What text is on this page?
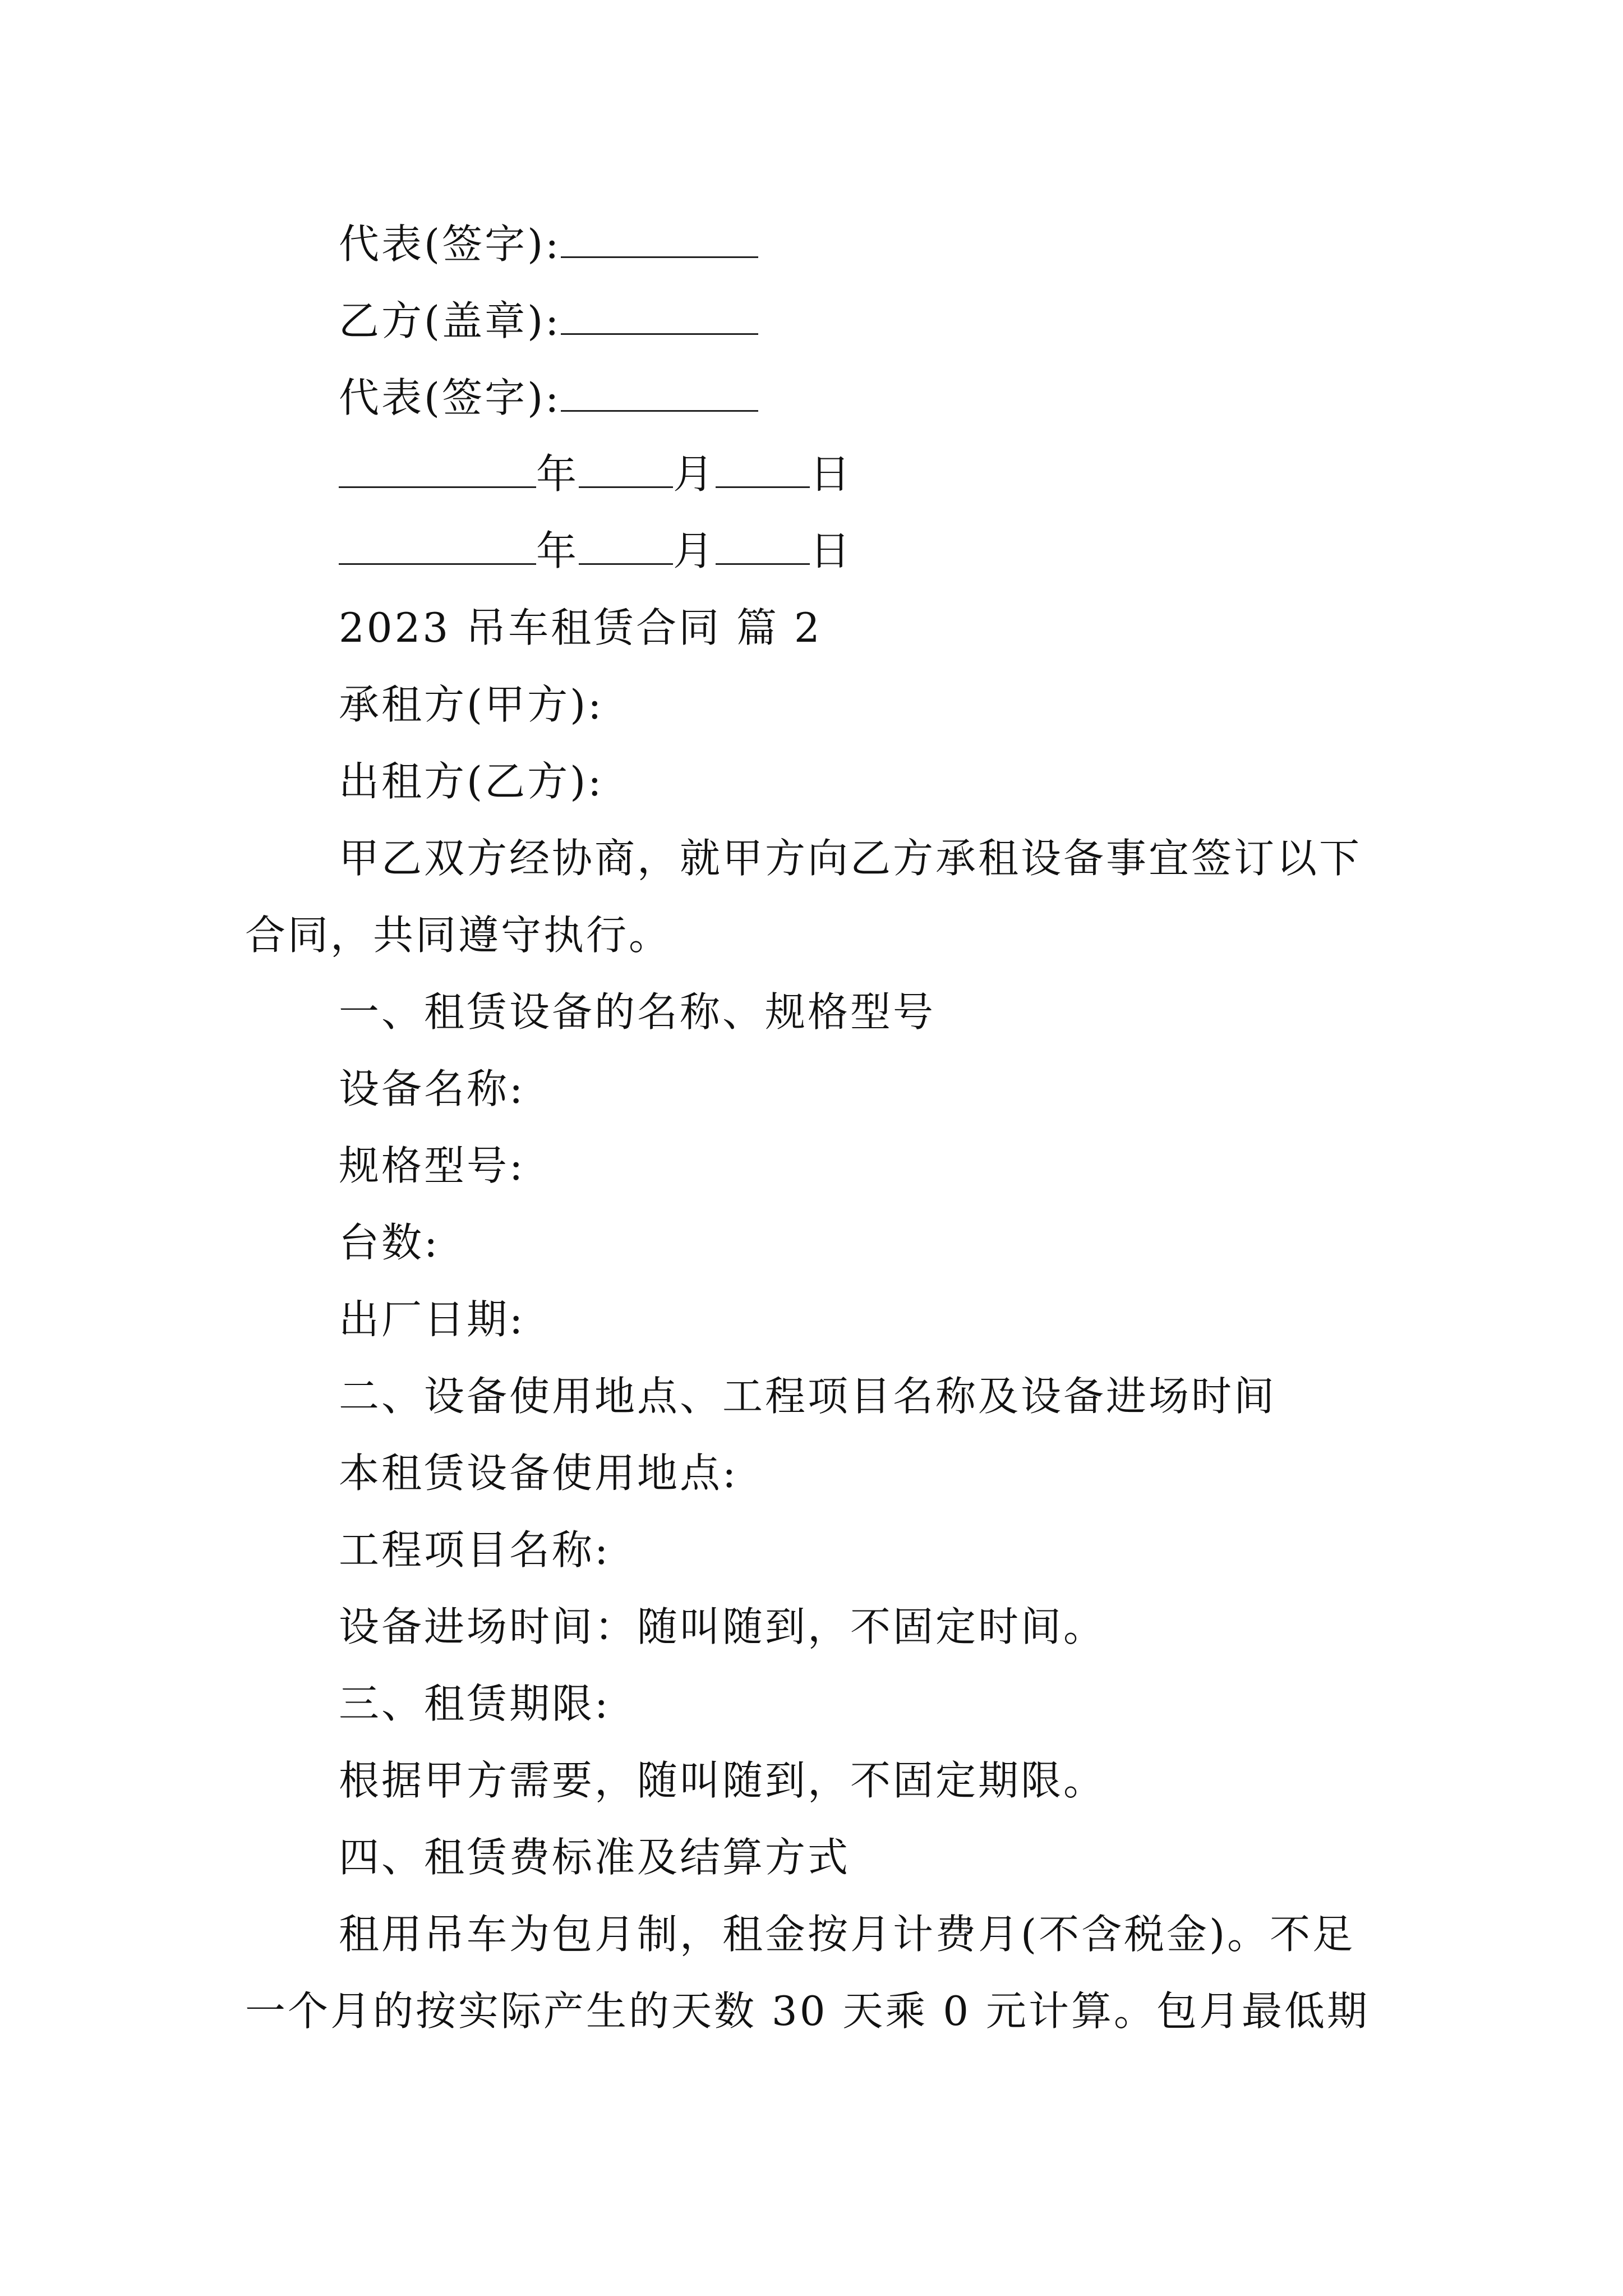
代表(签字):
乙方(盖章):
代表(签字):
年 月 日
年 月 日
2023 吊车租赁合同 篇 2
承租方(甲方):
出租方(乙方):
甲乙双方经协商，就甲方向乙方承租设备事宜签订以下
合同，共同遵守执行。
一、租赁设备的名称、规格型号
设备名称:
规格型号:
台数:
出厂日期:
二、设备使用地点、工程项目名称及设备进场时间
本租赁设备使用地点:
工程项目名称:
设备进场时间：随叫随到，不固定时间。
三、租赁期限:
根据甲方需要，随叫随到，不固定期限。
四、租赁费标准及结算方式
租用吊车为包月制，租金按月计费月(不含税金)。不足
一个月的按实际产生的天数 30 天乘 0 元计算。包月最低期
